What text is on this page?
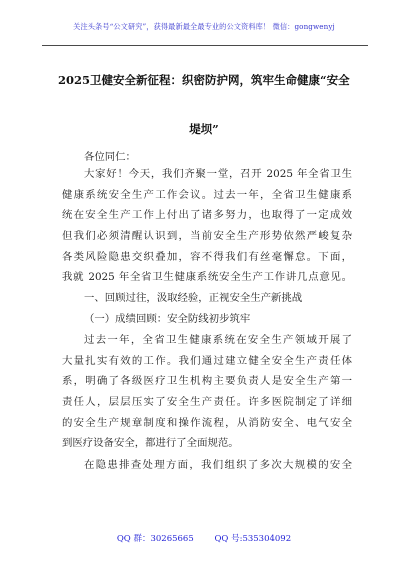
关注头条号“公文研究”，获得最新最全最专业的公文资料库！ 微信：gongwenyj
2025卫健安全新征程：织密防护网，筑牢生命健康“安全
堤坝”
各位同仁：
大家好！今天，我们齐聚一堂，召开 2025 年全省卫生
健康系统安全生产工作会议。过去一年，全省卫生健康系
统在安全生产工作上付出了诸多努力，也取得了一定成效
但我们必须清醒认识到，当前安全生产形势依然严峻复杂
各类风险隐患交织叠加，容不得我们有丝毫懈怠。下面，
我就 2025 年全省卫生健康系统安全生产工作讲几点意见。
一、回顾过往，汲取经验，正视安全生产新挑战
（一）成绩回顾：安全防线初步筑牢
过去一年，全省卫生健康系统在安全生产领域开展了
大量扎实有效的工作。我们通过建立健全安全生产责任体
系，明确了各级医疗卫生机构主要负责人是安全生产第一
责任人，层层压实了安全生产责任。许多医院制定了详细
的安全生产规章制度和操作流程，从消防安全、电气安全
到医疗设备安全，都进行了全面规范。
在隐患排查处理方面，我们组织了多次大规模的安全
QQ 群：30265665 QQ 号:535304092
